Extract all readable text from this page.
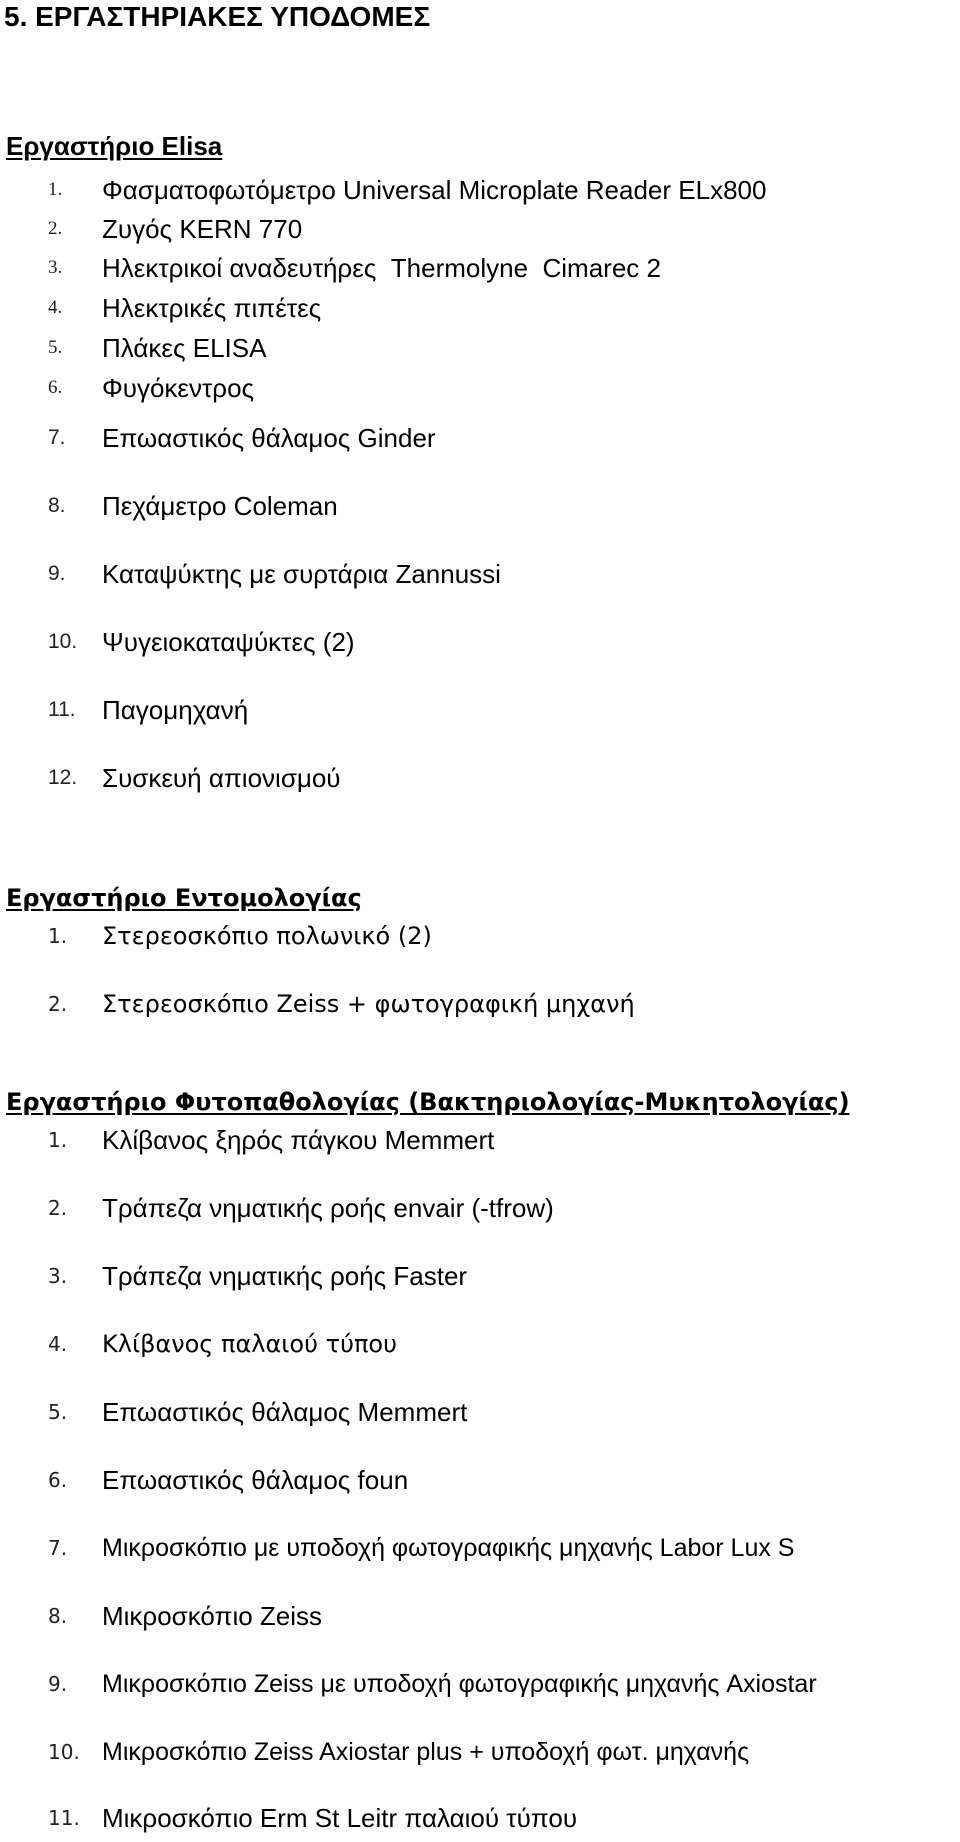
5. ΕΡΓΑΣΤΗΡΙΑΚΕΣ ΥΠΟΔΟΜΕΣ
Εργαστήριο Elisa
1. Φασματοφωτόμετρο Universal Microplate Reader ELx800
2. Ζυγός KERN 770
3. Ηλεκτρικοί αναδευτήρες  Thermolyne  Cimarec 2
4. Ηλεκτρικές πιπέτες
5. Πλάκες ELISA
6. Φυγόκεντρος
7. Επωαστικός θάλαμος Ginder
8. Πεχάμετρο Coleman
9. Καταψύκτης με συρτάρια Zannussi
10. Ψυγειοκαταψύκτες (2)
11. Παγομηχανή
12. Συσκευή απιονισμού
Εργαστήριο Εντομολογίας
1. Στερεοσκόπιο πολωνικό (2)
2. Στερεοσκόπιο Zeiss + φωτογραφική μηχανή
Εργαστήριο Φυτοπαθολογίας (Βακτηριολογίας-Μυκητολογίας)
1. Κλίβανος ξηρός πάγκου Memmert
2. Τράπεζα νηματικής ροής envair (-tfrow)
3. Τράπεζα νηματικής ροής Faster
4. Κλίβανος παλαιού τύπου
5. Επωαστικός θάλαμος Memmert
6. Επωαστικός θάλαμος foun
7. Μικροσκόπιο με υποδοχή φωτογραφικής μηχανής Labor Lux S
8. Μικροσκόπιο Zeiss
9. Μικροσκόπιο Zeiss με υποδοχή φωτογραφικής μηχανής Axiostar
10. Μικροσκόπιο Zeiss Axiostar plus + υποδοχή φωτ. μηχανής
11. Μικροσκόπιο Erm St Leitr παλαιού τύπου
